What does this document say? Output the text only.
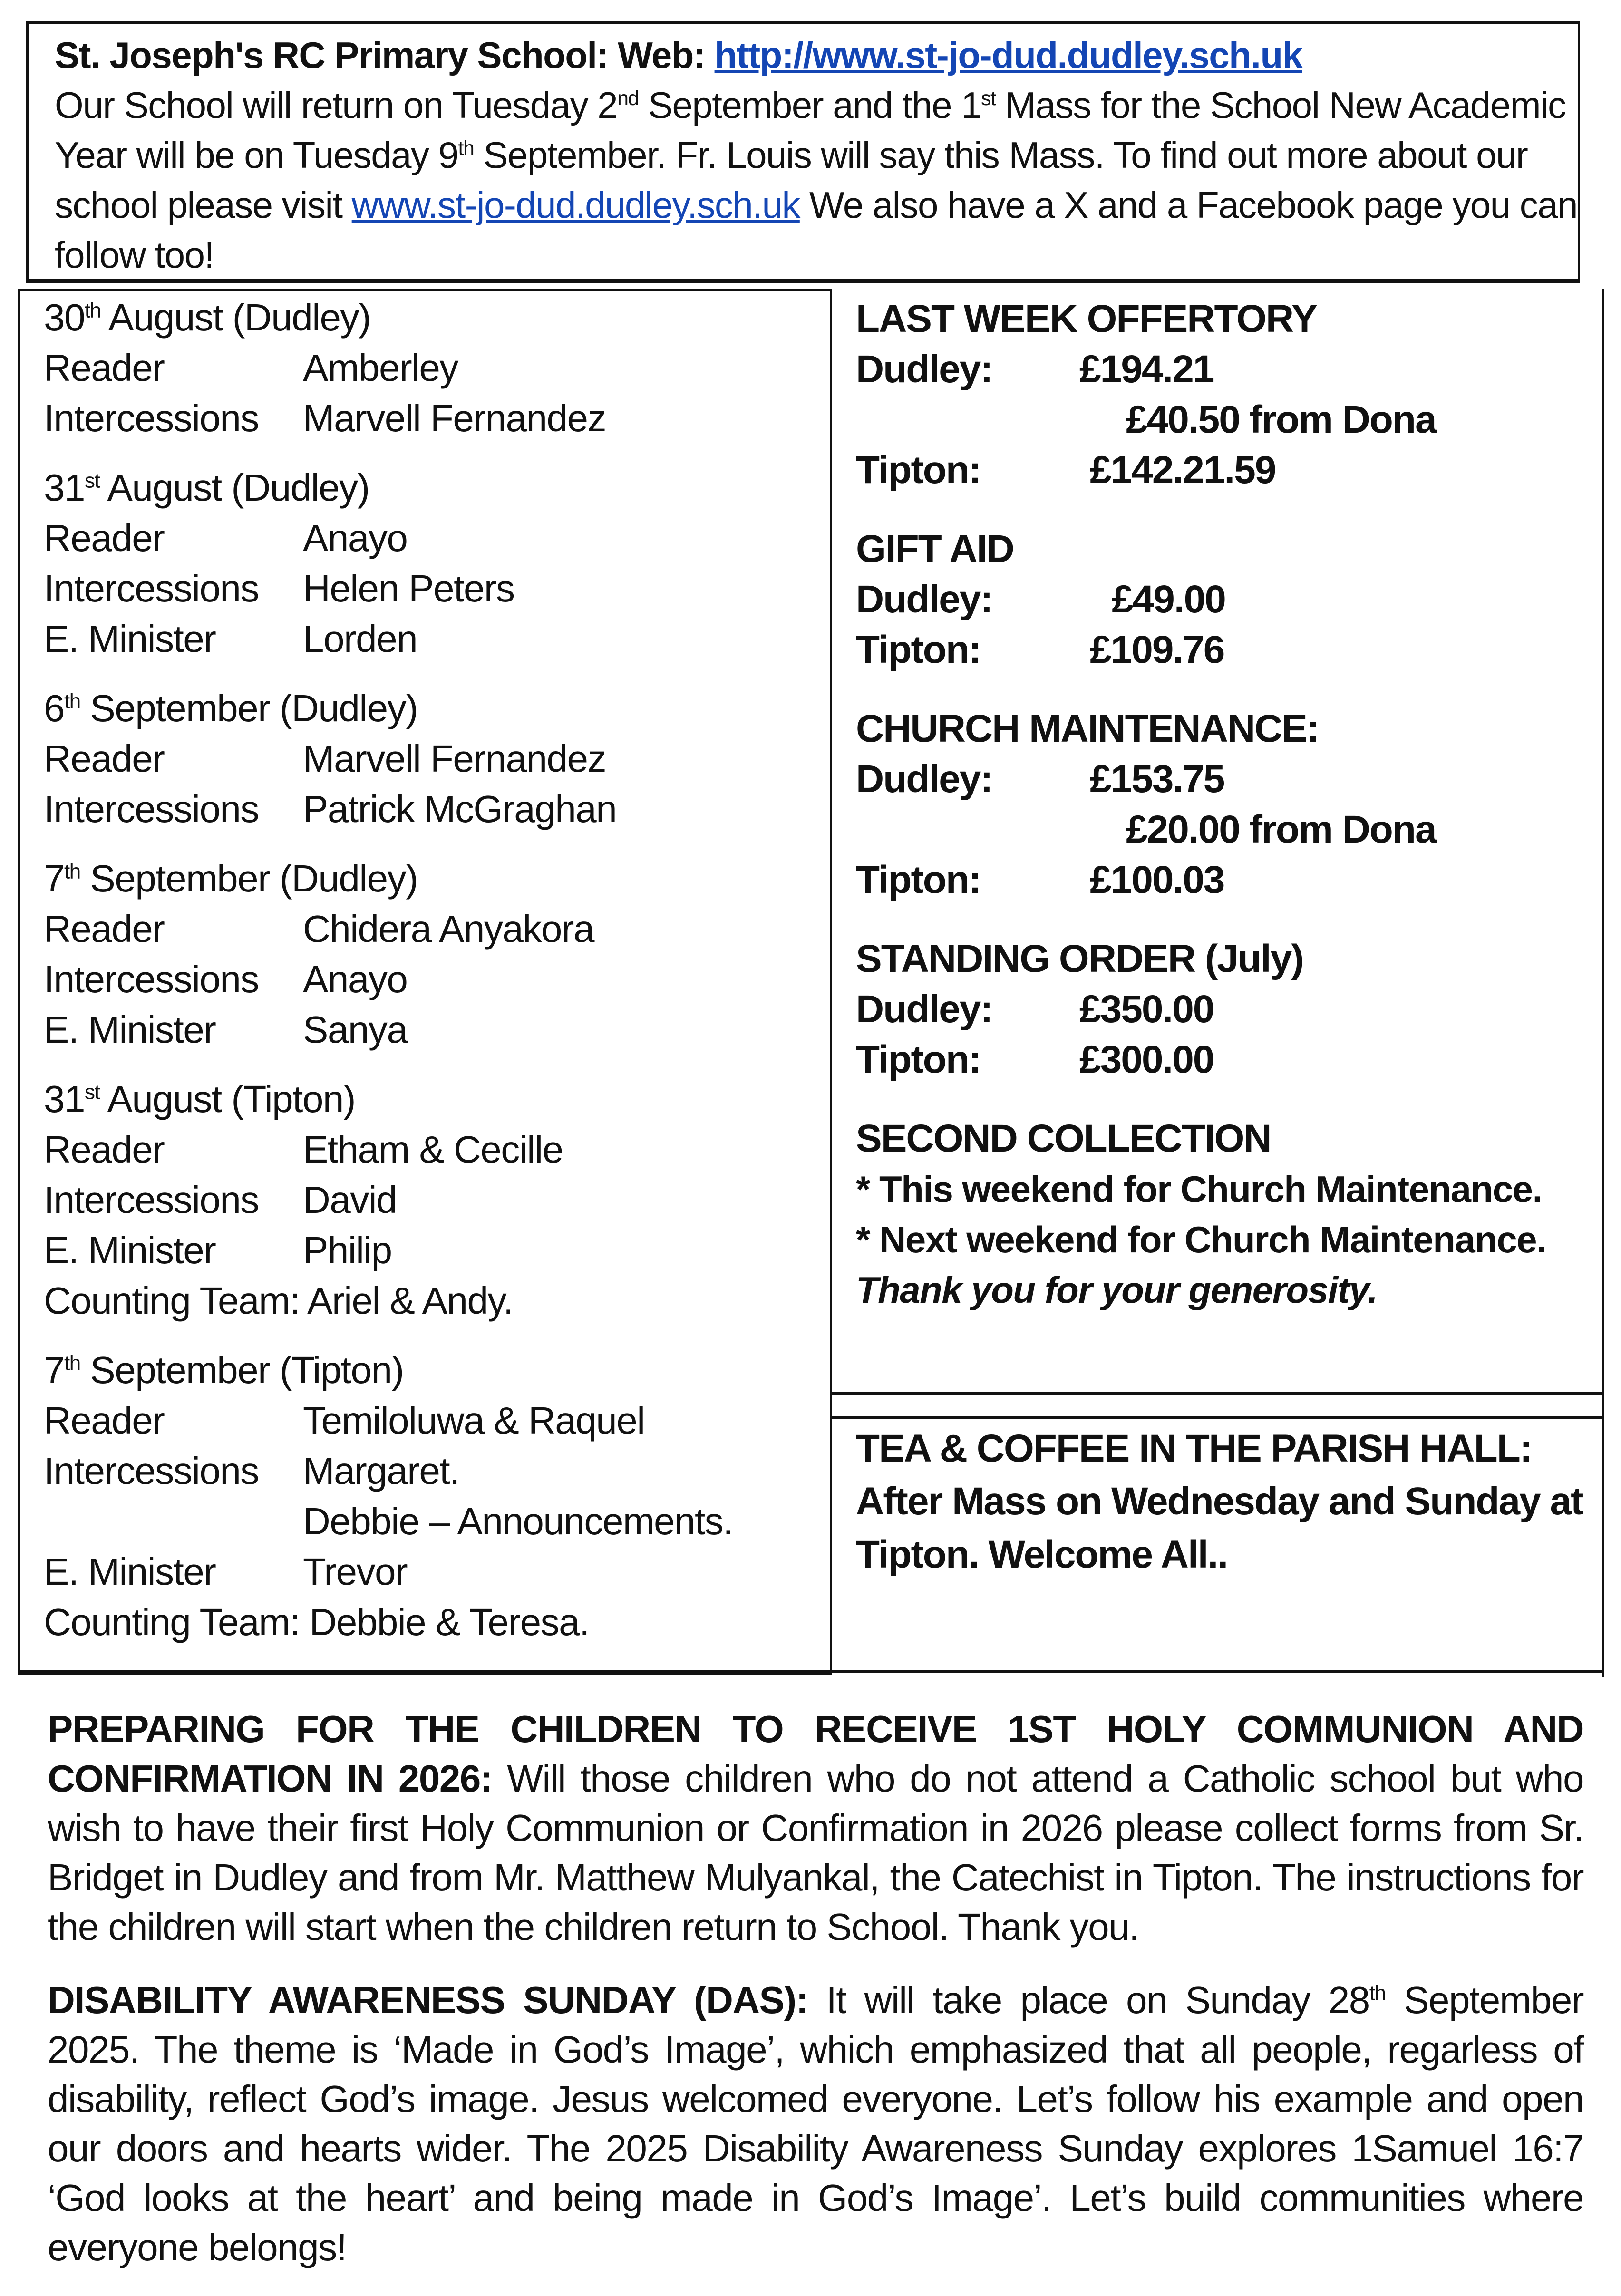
St. Joseph's RC Primary School: Web: http://www.st-jo-dud.dudley.sch.uk
Our School will return on Tuesday 2nd September and the 1st Mass for the School New Academic Year will be on Tuesday 9th September. Fr. Louis will say this Mass. To find out more about our school please visit www.st-jo-dud.dudley.sch.uk We also have a X and a Facebook page you can follow too!

30th August (Dudley)
Reader	Amberley
Intercessions	Marvell Fernandez
31st August (Dudley)
Reader	Anayo
Intercessions	Helen Peters
E. Minister	Lorden
6th September (Dudley)
Reader	Marvell Fernandez
Intercessions	Patrick McGraghan
7th September (Dudley)
Reader	Chidera Anyakora
Intercessions	Anayo
E. Minister	Sanya
31st August (Tipton)
Reader	Etham & Cecille
Intercessions	David
E. Minister	Philip
Counting Team: Ariel & Andy.
7th September (Tipton)
Reader	Temiloluwa & Raquel
Intercessions	Margaret.
Debbie – Announcements.
E. Minister	Trevor
Counting Team: Debbie & Teresa.
LAST WEEK OFFERTORY
Dudley:	£194.21
£40.50 from Dona
Tipton:	£142.21.59
GIFT AID
Dudley:	£49.00
Tipton:	£109.76
CHURCH MAINTENANCE:
Dudley:	£153.75
£20.00 from Dona
Tipton:	£100.03
STANDING ORDER (July)
Dudley:	£350.00
Tipton:	£300.00
SECOND COLLECTION
* This weekend for Church Maintenance.
* Next weekend for Church Maintenance.
Thank you for your generosity.
TEA & COFFEE IN THE PARISH HALL:
After Mass on Wednesday and Sunday at Tipton. Welcome All..

PREPARING FOR THE CHILDREN TO RECEIVE 1ST HOLY COMMUNION AND CONFIRMATION IN 2026: Will those children who do not attend a Catholic school but who wish to have their first Holy Communion or Confirmation in 2026 please collect forms from Sr. Bridget in Dudley and from Mr. Matthew Mulyankal, the Catechist in Tipton. The instructions for the children will start when the children return to School. Thank you.

DISABILITY AWARENESS SUNDAY (DAS): It will take place on Sunday 28th September 2025. The theme is ‘Made in God’s Image’, which emphasized that all people, regarless of disability, reflect God’s image. Jesus welcomed everyone. Let’s follow his example and open our doors and hearts wider. The 2025 Disability Awareness Sunday explores 1Samuel 16:7 ‘God looks at the heart’ and being made in God’s Image’. Let’s build communities where everyone belongs!
